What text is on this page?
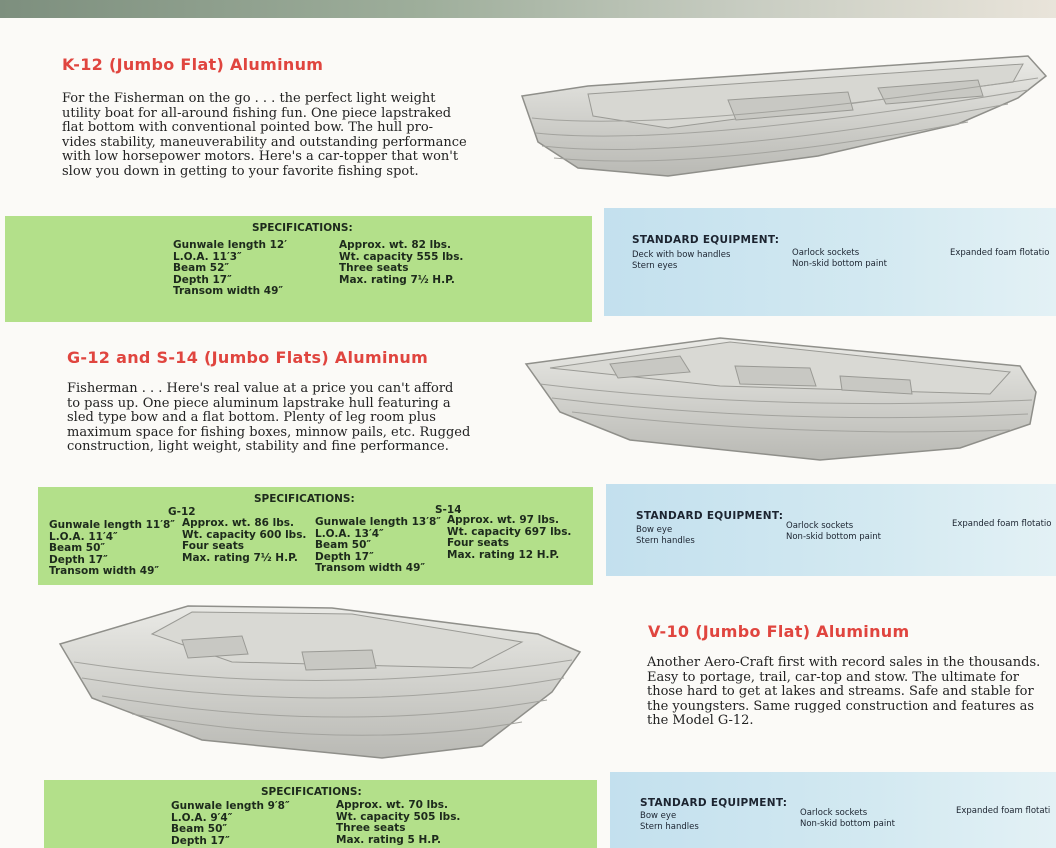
K-12 (Jumbo Flat) Aluminum
For the Fisherman on the go . . . the perfect light weight
utility boat for all-around fishing fun. One piece lapstraked
flat bottom with conventional pointed bow. The hull pro-
vides stability, maneuverability and outstanding performance
with low horsepower motors. Here's a car-topper that won't
slow you down in getting to your favorite fishing spot.
SPECIFICATIONS:
Gunwale length 12′
L.O.A. 11′3″
Beam 52″
Depth 17″
Transom width 49″
Approx. wt. 82 lbs.
Wt. capacity 555 lbs.
Three seats
Max. rating 7½ H.P.
STANDARD EQUIPMENT:
Deck with bow handles
Stern eyes
Oarlock sockets
Non-skid bottom paint
Expanded foam flotatio
G-12 and S-14 (Jumbo Flats) Aluminum
Fisherman . . . Here's real value at a price you can't afford
to pass up. One piece aluminum lapstrake hull featuring a
sled type bow and a flat bottom. Plenty of leg room plus
maximum space for fishing boxes, minnow pails, etc. Rugged
construction, light weight, stability and fine performance.
SPECIFICATIONS:
G-12	S-14
Gunwale length 11′8″
L.O.A. 11′4″
Beam 50″
Depth 17″
Transom width 49″
Approx. wt. 86 lbs.
Wt. capacity 600 lbs.
Four seats
Max. rating 7½ H.P.
Gunwale length 13′8″
L.O.A. 13′4″
Beam 50″
Depth 17″
Transom width 49″
Approx. wt. 97 lbs.
Wt. capacity 697 lbs.
Four seats
Max. rating 12 H.P.
STANDARD EQUIPMENT:
Bow eye
Stern handles
Oarlock sockets
Non-skid bottom paint
Expanded foam flotatio
V-10 (Jumbo Flat) Aluminum
Another Aero-Craft first with record sales in the thousands.
Easy to portage, trail, car-top and stow. The ultimate for
those hard to get at lakes and streams. Safe and stable for
the youngsters. Same rugged construction and features as
the Model G-12.
SPECIFICATIONS:
Gunwale length 9′8″
L.O.A. 9′4″
Beam 50″
Depth 17″
Approx. wt. 70 lbs.
Wt. capacity 505 lbs.
Three seats
Max. rating 5 H.P.
STANDARD EQUIPMENT:
Bow eye
Stern handles
Oarlock sockets
Non-skid bottom paint
Expanded foam flotati
